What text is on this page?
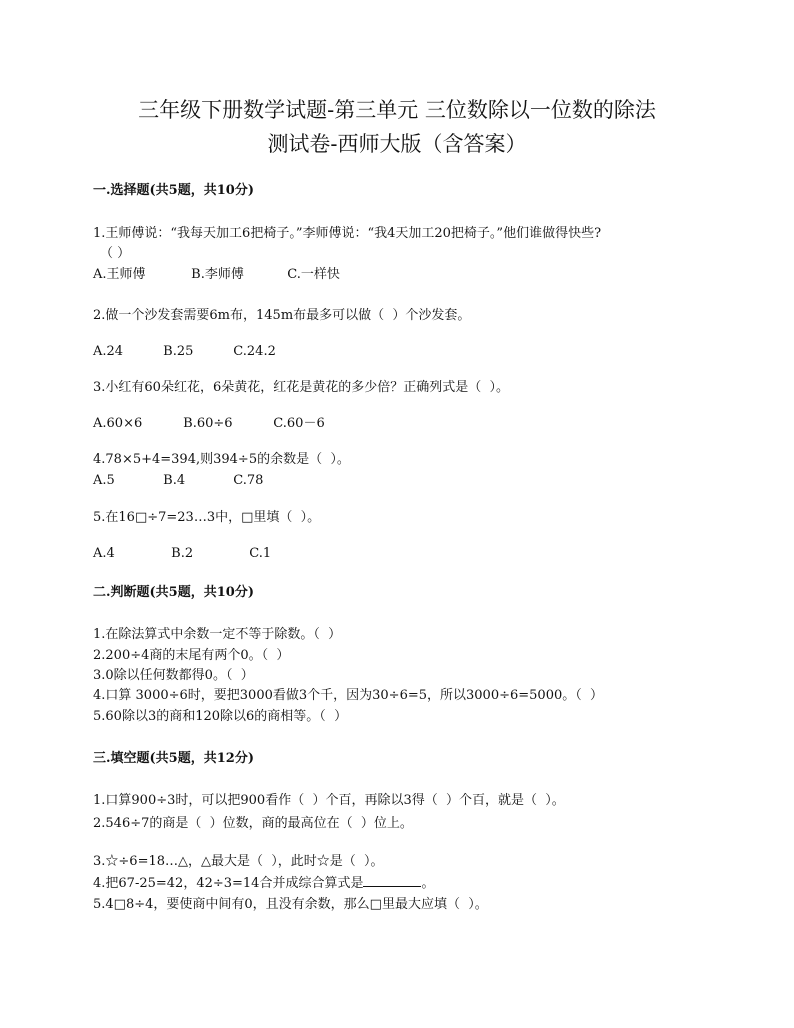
三年级下册数学试题-第三单元 三位数除以一位数的除法
测试卷-西师大版（含答案）
一.选择题(共5题，共10分)
1.王师傅说：“我每天加工6把椅子。”李师傅说：“我4天加工20把椅子。”他们谁做得快些?
（ ）
A.王师傅	B.李师傅	C.一样快
2.做一个沙发套需要6m布，145m布最多可以做（  ）个沙发套。
A.24	B.25	C.24.2
3.小红有60朵红花，6朵黄花，红花是黄花的多少倍？正确列式是（  ）。
A.60×6	B.60÷6	C.60－6
4.78×5+4=394,则394÷5的余数是（  ）。
A.5	B.4	C.78
5.在16□÷7=23…3中，□里填（  ）。
A.4	B.2	C.1
二.判断题(共5题，共10分)
1.在除法算式中余数一定不等于除数。（  ）
2.200÷4商的末尾有两个0。（  ）
3.0除以任何数都得0。（  ）
4.口算 3000÷6时，要把3000看做3个千，因为30÷6=5，所以3000÷6=5000。（  ）
5.60除以3的商和120除以6的商相等。（  ）
三.填空题(共5题，共12分)
1.口算900÷3时，可以把900看作（  ）个百，再除以3得（  ）个百，就是（  ）。
2.546÷7的商是（  ）位数，商的最高位在（  ）位上。
3.☆÷6=18…△，△最大是（  ），此时☆是（  ）。
4.把67-25=42，42÷3=14合并成综合算式是	。
5.4□8÷4，要使商中间有0，且没有余数，那么□里最大应填（  ）。
